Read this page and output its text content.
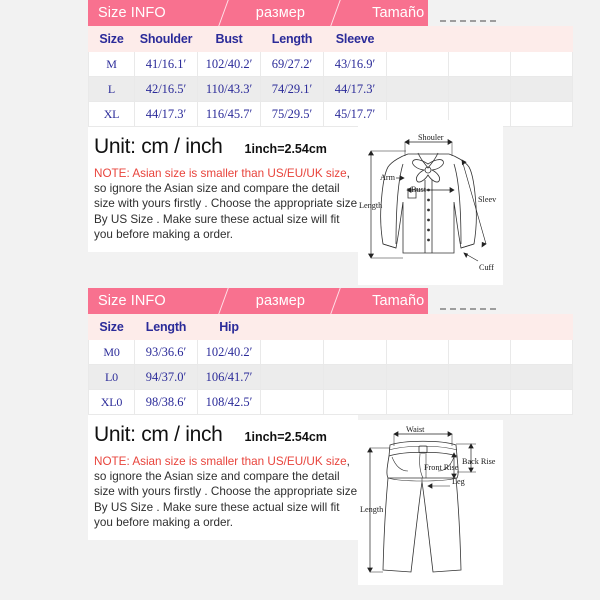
Size INFO	размер	Tamaño
Size	Shoulder	Bust	Length	Sleeve			
M	41/16.1′	102/40.2′	69/27.2′	43/16.9′			
L	42/16.5′	110/43.3′	74/29.1′	44/17.3′			
XL	44/17.3′	116/45.7′	75/29.5′	45/17.7′			
Unit: cm / inch 1inch=2.54cm
NOTE: Asian size is smaller than US/EU/UK size, so ignore the Asian size and compare the detail
size with yours firstly . Choose the appropriate size
By US Size . Make sure these actual size will fit
you before making a order.
Shouler
Arm
Bust
Length
Sleev
Cuff
Size INFO	размер	Tamaño
Size	Length	Hip					
M0	93/36.6′	102/40.2′					
L0	94/37.0′	106/41.7′					
XL0	98/38.6′	108/42.5′					
Unit: cm / inch 1inch=2.54cm
NOTE: Asian size is smaller than US/EU/UK size, so ignore the Asian size and compare the detail
size with yours firstly . Choose the appropriate size
By US Size . Make sure these actual size will fit
you before making a order.
Waist
Back Rise
Front Rise
Leg
Length
